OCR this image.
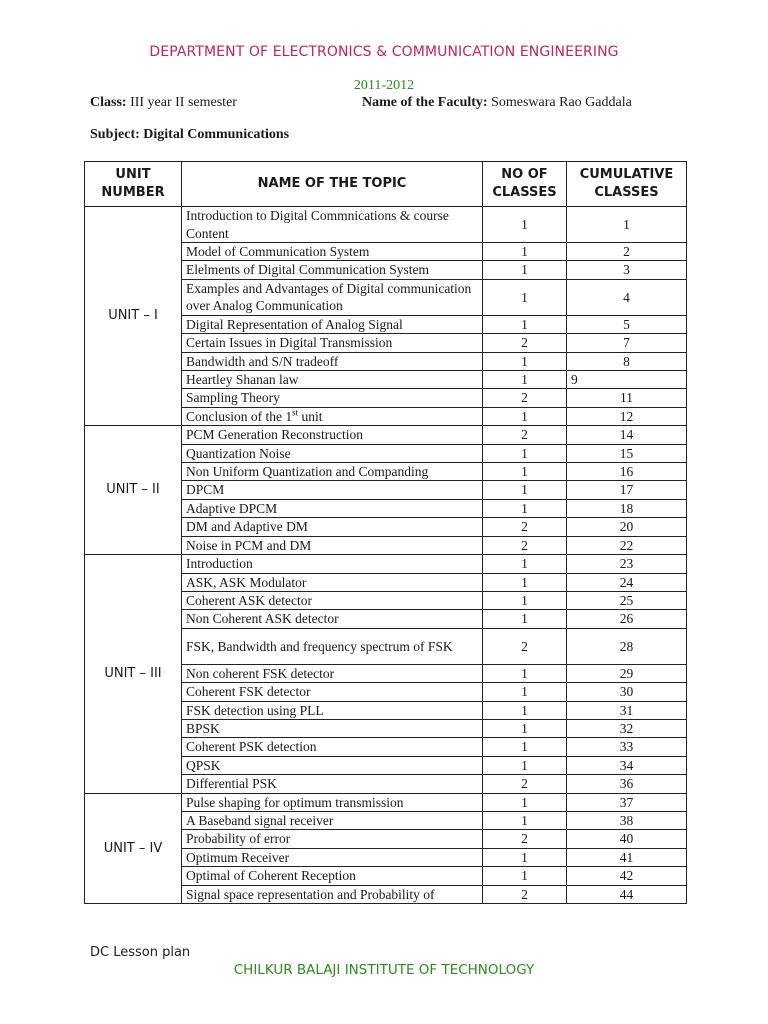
DEPARTMENT OF ELECTRONICS & COMMUNICATION ENGINEERING
2011-2012
Class: III year II semester	Name of the Faculty: Someswara Rao Gaddala
Subject: Digital Communications
UNIT NUMBER	NAME OF THE TOPIC	NO OF CLASSES	CUMULATIVE CLASSES
UNIT – I	Introduction to Digital Commnications & course Content	1	1
	Model of Communication System	1	2
	Elelments of Digital Communication System	1	3
	Examples and Advantages of Digital communication over Analog Communication	1	4
	Digital Representation of Analog Signal	1	5
	Certain Issues in Digital Transmission	2	7
	Bandwidth and S/N tradeoff	1	8
	Heartley Shanan law	1	9
	Sampling Theory	2	11
	Conclusion of the 1st unit	1	12
UNIT – II	PCM Generation Reconstruction	2	14
	Quantization Noise	1	15
	Non Uniform Quantization and Companding	1	16
	DPCM	1	17
	Adaptive DPCM	1	18
	DM and Adaptive DM	2	20
	Noise in PCM and DM	2	22
UNIT – III	Introduction	1	23
	ASK, ASK Modulator	1	24
	Coherent ASK detector	1	25
	Non Coherent ASK detector	1	26
	FSK, Bandwidth and frequency spectrum of FSK	2	28
	Non coherent FSK detector	1	29
	Coherent FSK detector	1	30
	FSK detection using PLL	1	31
	BPSK	1	32
	Coherent PSK detection	1	33
	QPSK	1	34
	Differential PSK	2	36
UNIT – IV	Pulse shaping for optimum transmission	1	37
	A Baseband signal receiver	1	38
	Probability of error	2	40
	Optimum Receiver	1	41
	Optimal of Coherent Reception	1	42
	Signal space representation and Probability of	2	44
DC Lesson plan
CHILKUR BALAJI INSTITUTE OF TECHNOLOGY
